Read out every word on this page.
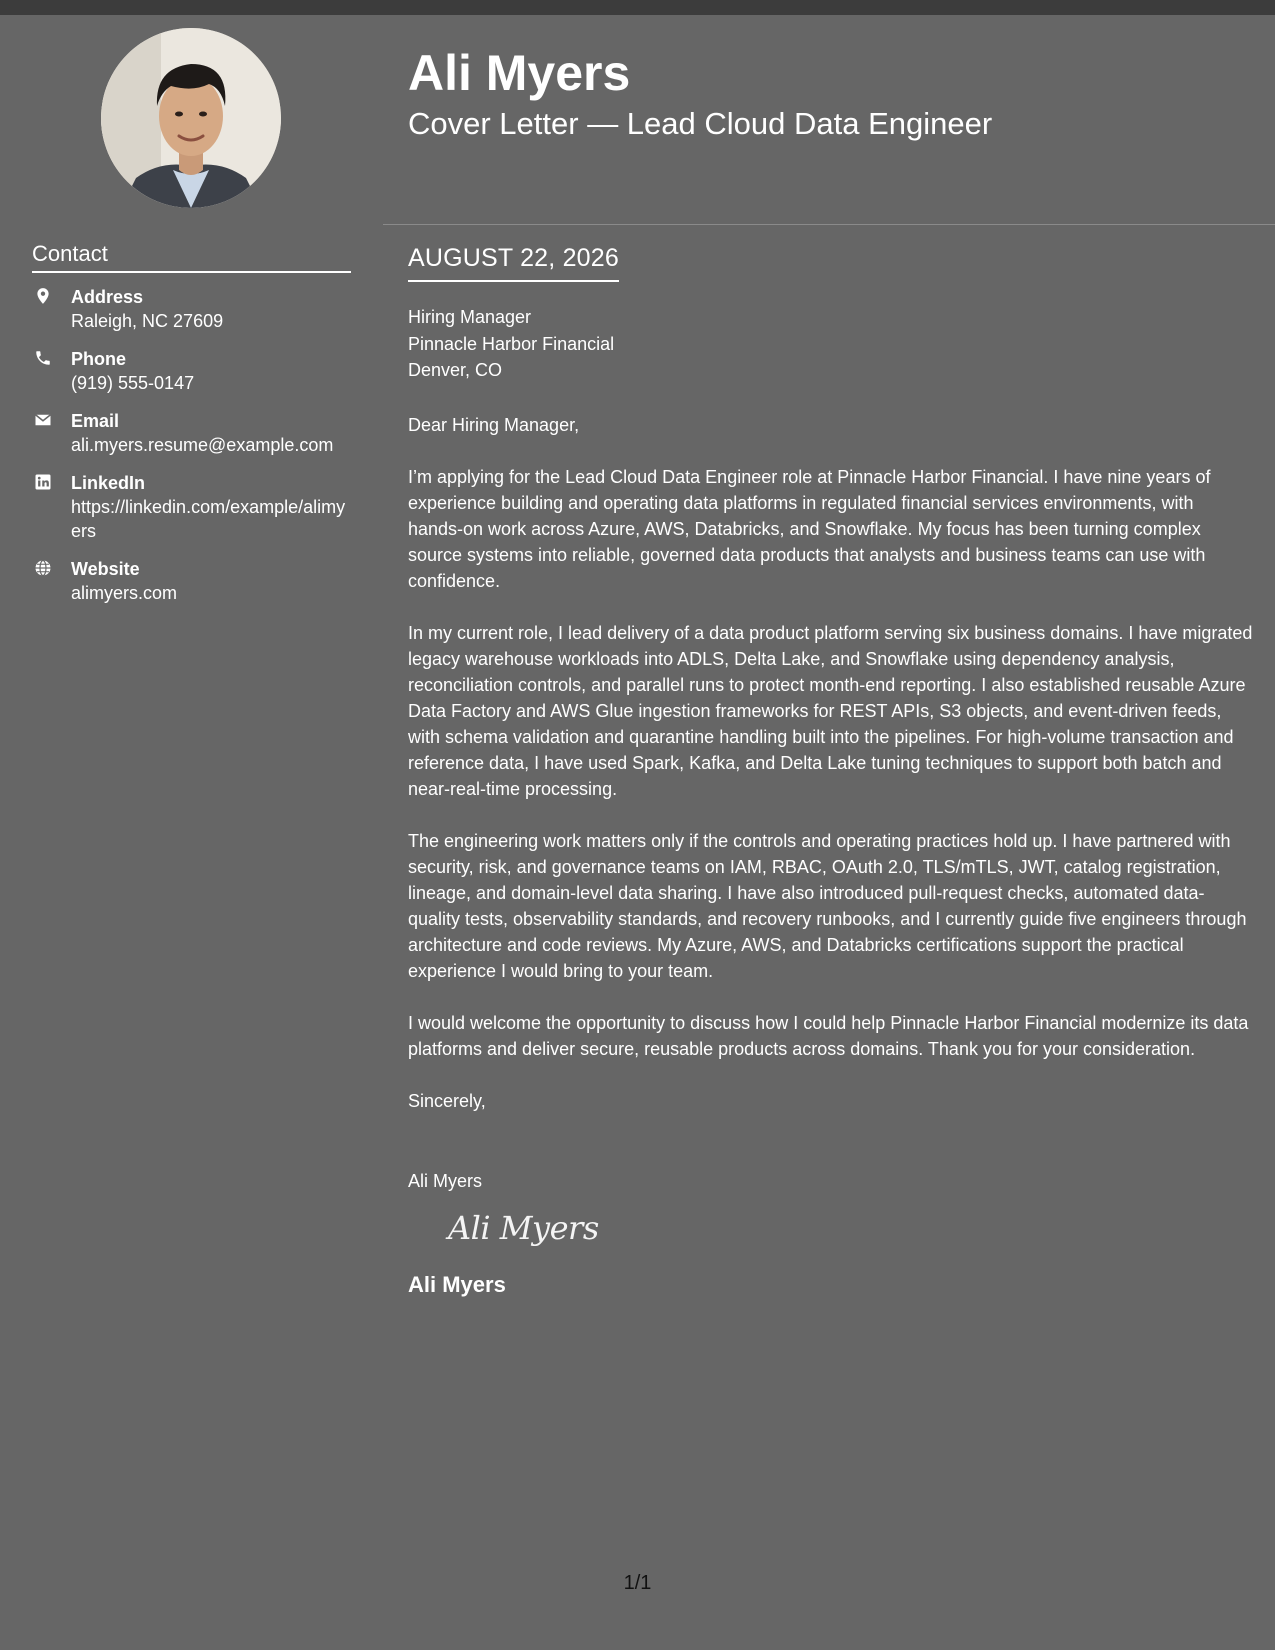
Contact
Address
Raleigh, NC 27609
Phone
(919) 555-0147
Email
ali.myers.resume@example.com
LinkedIn
https://linkedin.com/example/alimyers
Website
alimyers.com
Ali Myers

Cover Letter — Lead Cloud Data Engineer

AUGUST 22, 2026
Hiring Manager
Pinnacle Harbor Financial
Denver, CO
Dear Hiring Manager,

I’m applying for the Lead Cloud Data Engineer role at Pinnacle Harbor Financial. I have nine years of experience building and operating data platforms in regulated financial services environments, with hands-on work across Azure, AWS, Databricks, and Snowflake. My focus has been turning complex source systems into reliable, governed data products that analysts and business teams can use with confidence.

In my current role, I lead delivery of a data product platform serving six business domains. I have migrated legacy warehouse workloads into ADLS, Delta Lake, and Snowflake using dependency analysis, reconciliation controls, and parallel runs to protect month-end reporting. I also established reusable Azure Data Factory and AWS Glue ingestion frameworks for REST APIs, S3 objects, and event-driven feeds, with schema validation and quarantine handling built into the pipelines. For high-volume transaction and reference data, I have used Spark, Kafka, and Delta Lake tuning techniques to support both batch and near-real-time processing.

The engineering work matters only if the controls and operating practices hold up. I have partnered with security, risk, and governance teams on IAM, RBAC, OAuth 2.0, TLS/mTLS, JWT, catalog registration, lineage, and domain-level data sharing. I have also introduced pull-request checks, automated data-quality tests, observability standards, and recovery runbooks, and I currently guide five engineers through architecture and code reviews. My Azure, AWS, and Databricks certifications support the practical experience I would bring to your team.

I would welcome the opportunity to discuss how I could help Pinnacle Harbor Financial modernize its data platforms and deliver secure, reusable products across domains. Thank you for your consideration.

Sincerely,
Ali Myers
Ali Myers
Ali Myers
1/1
